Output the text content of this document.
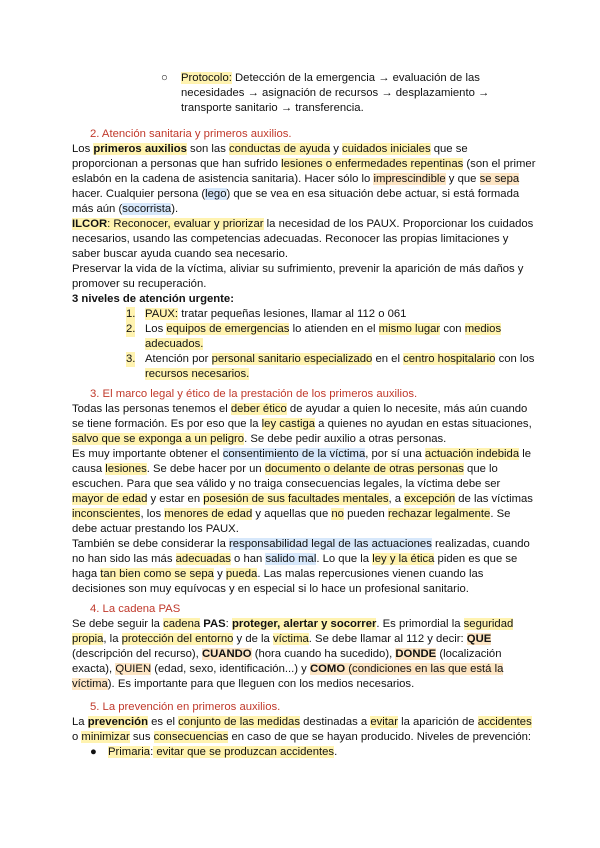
○ Protocolo: Detección de la emergencia → evaluación de las
necesidades → asignación de recursos → desplazamiento →
transporte sanitario → transferencia.
2. Atención sanitaria y primeros auxilios.
Los primeros auxilios son las conductas de ayuda y cuidados iniciales que se
proporcionan a personas que han sufrido lesiones o enfermedades repentinas (son el primer
eslabón en la cadena de asistencia sanitaria). Hacer sólo lo imprescindible y que se sepa
hacer. Cualquier persona (lego) que se vea en esa situación debe actuar, si está formada
más aún (socorrista).
ILCOR: Reconocer, evaluar y priorizar la necesidad de los PAUX. Proporcionar los cuidados
necesarios, usando las competencias adecuadas. Reconocer las propias limitaciones y
saber buscar ayuda cuando sea necesario.
Preservar la vida de la víctima, aliviar su sufrimiento, prevenir la aparición de más daños y
promover su recuperación.
3 niveles de atención urgente:
1. PAUX: tratar pequeñas lesiones, llamar al 112 o 061
2. Los equipos de emergencias lo atienden en el mismo lugar con medios
adecuados.
3. Atención por personal sanitario especializado en el centro hospitalario con los
recursos necesarios.
3. El marco legal y ético de la prestación de los primeros auxilios.
Todas las personas tenemos el deber ético de ayudar a quien lo necesite, más aún cuando
se tiene formación. Es por eso que la ley castiga a quienes no ayudan en estas situaciones,
salvo que se exponga a un peligro. Se debe pedir auxilio a otras personas.
Es muy importante obtener el consentimiento de la víctima, por sí una actuación indebida le
causa lesiones. Se debe hacer por un documento o delante de otras personas que lo
escuchen. Para que sea válido y no traiga consecuencias legales, la víctima debe ser
mayor de edad y estar en posesión de sus facultades mentales, a excepción de las víctimas
inconscientes, los menores de edad y aquellas que no pueden rechazar legalmente. Se
debe actuar prestando los PAUX.
También se debe considerar la responsabilidad legal de las actuaciones realizadas, cuando
no han sido las más adecuadas o han salido mal. Lo que la ley y la ética piden es que se
haga tan bien como se sepa y pueda. Las malas repercusiones vienen cuando las
decisiones son muy equívocas y en especial si lo hace un profesional sanitario.
4. La cadena PAS
Se debe seguir la cadena PAS: proteger, alertar y socorrer. Es primordial la seguridad
propia, la protección del entorno y de la víctima. Se debe llamar al 112 y decir: QUE
(descripción del recurso), CUANDO (hora cuando ha sucedido), DONDE (localización
exacta), QUIEN (edad, sexo, identificación...) y COMO (condiciones en las que está la
víctima). Es importante para que lleguen con los medios necesarios.
5. La prevención en primeros auxilios.
La prevención es el conjunto de las medidas destinadas a evitar la aparición de accidentes
o minimizar sus consecuencias en caso de que se hayan producido. Niveles de prevención:
● Primaria: evitar que se produzcan accidentes.
